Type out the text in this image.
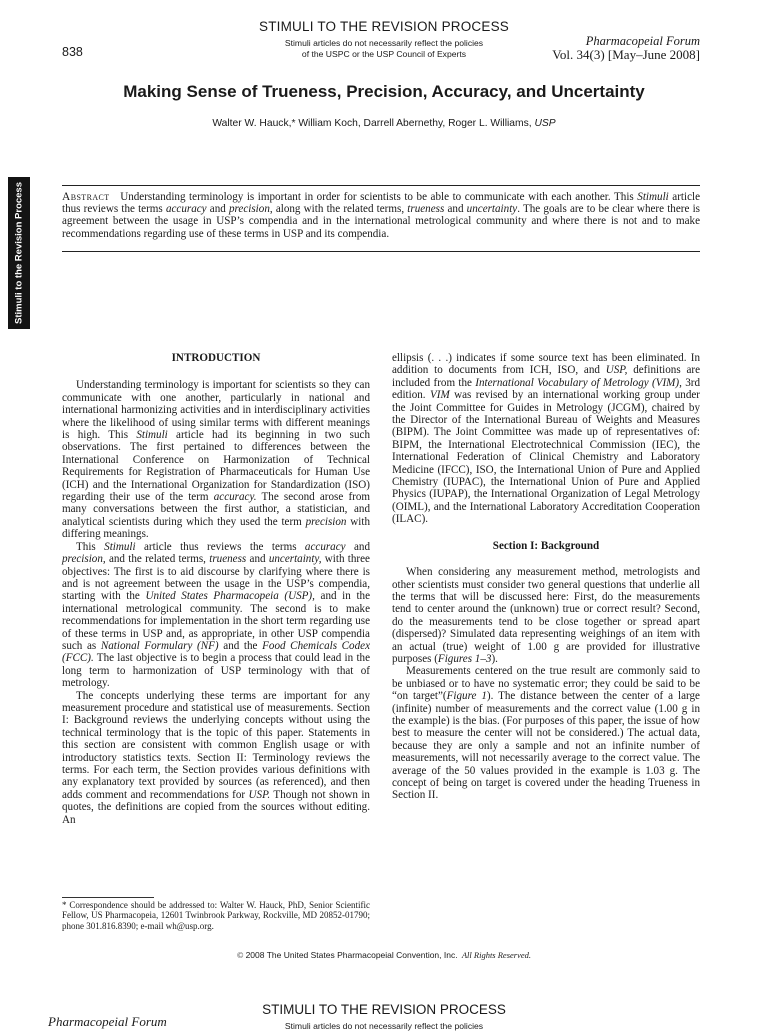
STIMULI TO THE REVISION PROCESS
Stimuli articles do not necessarily reflect the policies
of the USPC or the USP Council of Experts
838
Pharmacopeial Forum
Vol. 34(3) [May–June 2008]
Making Sense of Trueness, Precision, Accuracy, and Uncertainty
Walter W. Hauck,* William Koch, Darrell Abernethy, Roger L. Williams, USP
Stimuli to the Revision Process	Abstract Understanding terminology is important in order for scientists to be able to communicate with each another. This Stimuli article thus reviews the terms accuracy and precision, along with the related terms, trueness and uncertainty. The goals are to be clear where there is agreement between the usage in USP’s compendia and in the international metrological community and where there is not and to make recommendations regarding use of these terms in USP and its compendia.
INTRODUCTION

Understanding terminology is important for scientists so they can communicate with one another, particularly in national and international harmonizing activities and in interdisciplinary activities where the likelihood of using similar terms with different meanings is high. This Stimuli article had its beginning in two such observations. The first pertained to differences between the International Conference on Harmonization of Technical Requirements for Registration of Pharmaceuticals for Human Use (ICH) and the International Organization for Standardization (ISO) regarding their use of the term accuracy. The second arose from many conversations between the first author, a statistician, and analytical scientists during which they used the term precision with differing meanings.

This Stimuli article thus reviews the terms accuracy and precision, and the related terms, trueness and uncertainty, with three objectives: The first is to aid discourse by clarifying where there is and is not agreement between the usage in the USP’s compendia, starting with the United States Pharmacopeia (USP), and in the international metrological community. The second is to make recommendations for implementation in the short term regarding use of these terms in USP and, as appropriate, in other USP compendia such as National Formulary (NF) and the Food Chemicals Codex (FCC). The last objective is to begin a process that could lead in the long term to harmonization of USP terminology with that of metrology.

The concepts underlying these terms are important for any measurement procedure and statistical use of measurements. Section I: Background reviews the underlying concepts without using the technical terminology that is the topic of this paper. Statements in this section are consistent with common English usage or with introductory statistics texts. Section II: Terminology reviews the terms. For each term, the Section provides various definitions with any explanatory text provided by sources (as referenced), and then adds comment and recommendations for USP. Though not shown in quotes, the definitions are copied from the sources without editing. An

ellipsis (. . .) indicates if some source text has been eliminated. In addition to documents from ICH, ISO, and USP, definitions are included from the International Vocabulary of Metrology (VIM), 3rd edition. VIM was revised by an international working group under the Joint Committee for Guides in Metrology (JCGM), chaired by the Director of the International Bureau of Weights and Measures (BIPM). The Joint Committee was made up of representatives of: BIPM, the International Electrotechnical Commission (IEC), the International Federation of Clinical Chemistry and Laboratory Medicine (IFCC), ISO, the International Union of Pure and Applied Chemistry (IUPAC), the International Union of Pure and Applied Physics (IUPAP), the International Organization of Legal Metrology (OIML), and the International Laboratory Accreditation Cooperation (ILAC).

Section I: Background

When considering any measurement method, metrologists and other scientists must consider two general questions that underlie all the terms that will be discussed here: First, do the measurements tend to center around the (unknown) true or correct result? Second, do the measurements tend to be close together or spread apart (dispersed)? Simulated data representing weighings of an item with an actual (true) weight of 1.00 g are provided for illustrative purposes (Figures 1–3).

Measurements centered on the true result are commonly said to be unbiased or to have no systematic error; they could be said to be “on target”(Figure 1). The distance between the center of a large (infinite) number of measurements and the correct value (1.00 g in the example) is the bias. (For purposes of this paper, the issue of how best to measure the center will not be considered.) The actual data, because they are only a sample and not an infinite number of measurements, will not necessarily average to the correct value. The average of the 50 values provided in the example is 1.03 g. The concept of being on target is covered under the heading Trueness in Section II.

* Correspondence should be addressed to: Walter W. Hauck, PhD, Senior Scientific Fellow, US Pharmacopeia, 12601 Twinbrook Parkway, Rockville, MD 20852-01790; phone 301.816.8390; e-mail wh@usp.org.
© 2008 The United States Pharmacopeial Convention, Inc. All Rights Reserved.
STIMULI TO THE REVISION PROCESS
Pharmacopeial Forum	Stimuli articles do not necessarily reflect the policies
